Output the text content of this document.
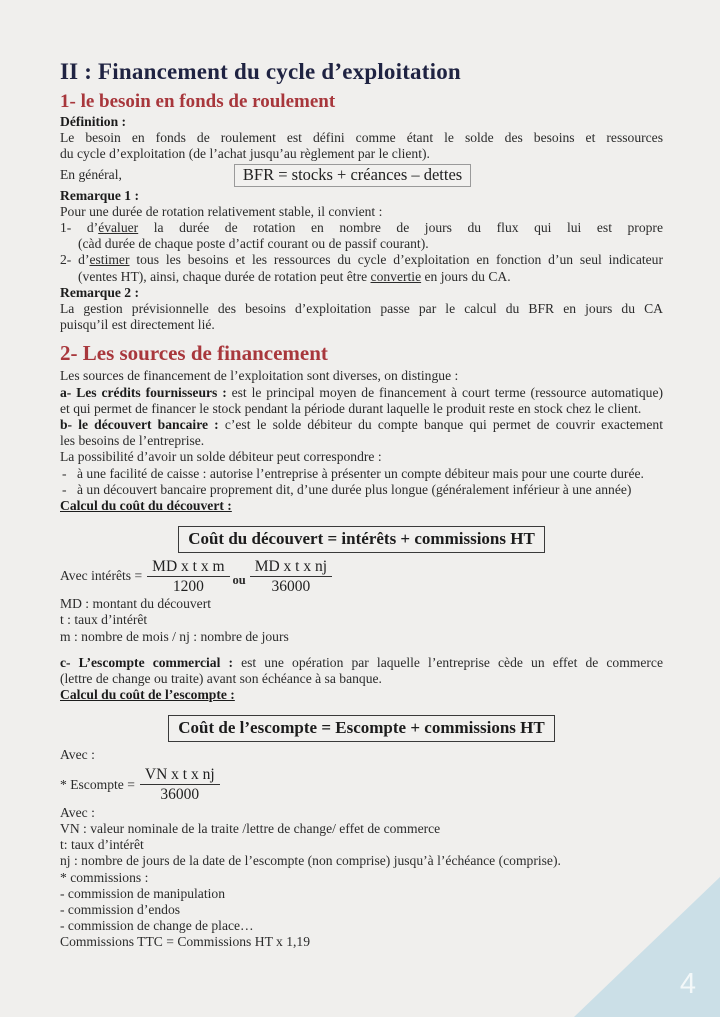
II : Financement du cycle d’exploitation
1- le besoin en fonds de roulement
Définition :
Le besoin en fonds de roulement est défini comme étant le solde des besoins et ressources
du cycle d’exploitation (de l’achat jusqu’au règlement par le client).
En général,	BFR = stocks + créances – dettes
Remarque 1 :
Pour une durée de rotation relativement stable, il convient :
1- d’évaluer la durée de rotation en nombre de jours du flux qui lui est propre
(càd durée de chaque poste d’actif courant ou de passif courant).
2- d’estimer tous les besoins et les ressources du cycle d’exploitation en fonction d’un seul indicateur
(ventes HT), ainsi, chaque durée de rotation peut être convertie en jours du CA.
Remarque 2 :
La gestion prévisionnelle des besoins d’exploitation passe par le calcul du BFR en jours du CA
puisqu’il est directement lié.
2- Les sources de financement
Les sources de financement de l’exploitation sont diverses, on distingue :
a- Les crédits fournisseurs : est le principal moyen de financement à court terme (ressource automatique)
et qui permet de financer le stock pendant la période durant laquelle le produit reste en stock chez le client.
b- le découvert bancaire : c’est le solde débiteur du compte banque qui permet de couvrir exactement
les besoins de l’entreprise.
La possibilité d’avoir un solde débiteur peut correspondre :
- à une facilité de caisse : autorise l’entreprise à présenter un compte débiteur mais pour une courte durée.
- à un découvert bancaire proprement dit, d’une durée plus longue (généralement inférieur à une année)
Calcul du coût du découvert :
Coût du découvert = intérêts + commissions HT
Avec intérêts = $\frac{\text{MD x t x m}}{1200}$ ou $\frac{\text{MD x t x nj}}{36000}$
MD : montant du découvert
t : taux d’intérêt
m : nombre de mois / nj : nombre de jours
c- L’escompte commercial : est une opération par laquelle l’entreprise cède un effet de commerce
(lettre de change ou traite) avant son échéance à sa banque.
Calcul du coût de l’escompte :
Coût de l’escompte = Escompte + commissions HT
Avec :
* Escompte = $\frac{\text{VN x t x nj}}{36000}$
Avec :
VN : valeur nominale de la traite /lettre de change/ effet de commerce
t: taux d’intérêt
nj : nombre de jours de la date de l’escompte (non comprise) jusqu’à l’échéance (comprise).
* commissions :
- commission de manipulation
- commission d’endos
- commission de change de place…
Commissions TTC = Commissions HT x 1,19
4
